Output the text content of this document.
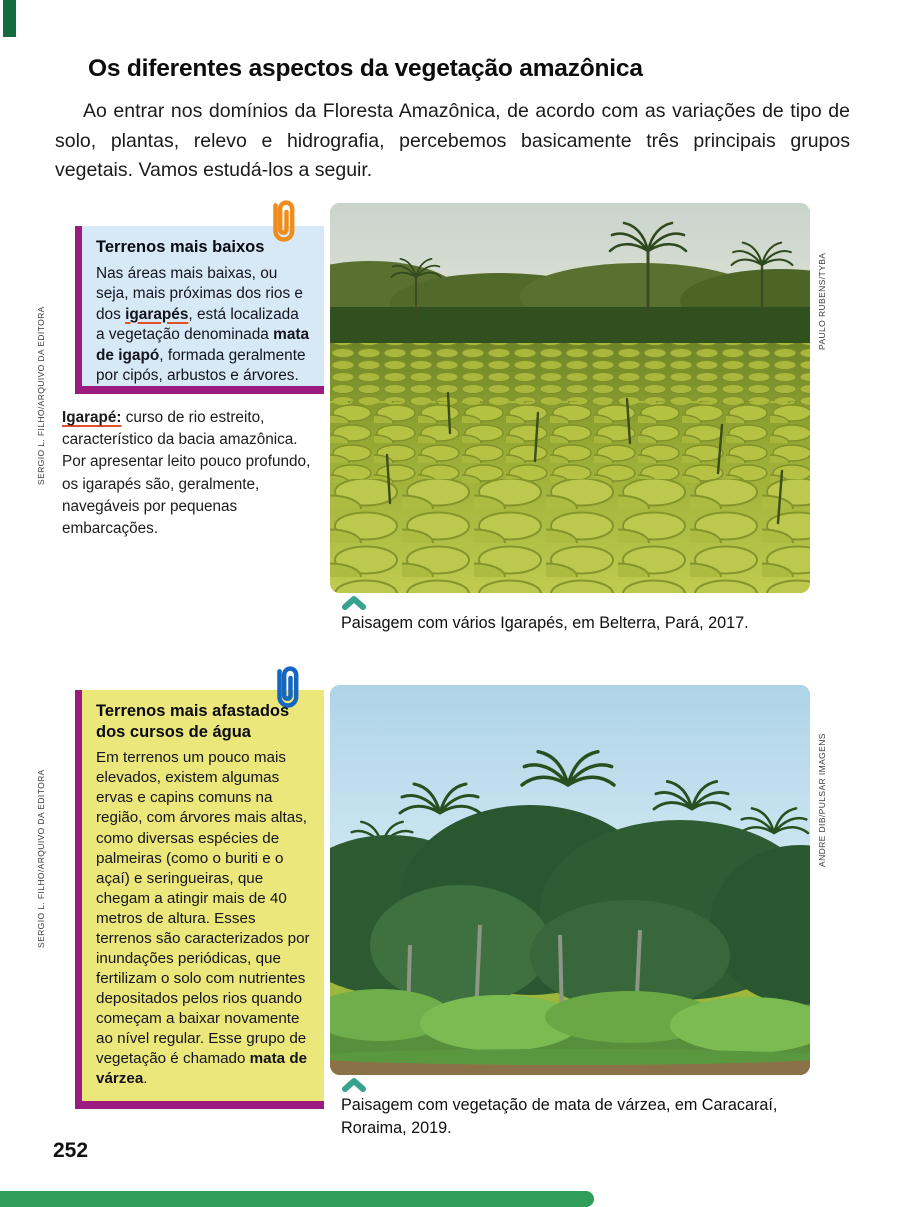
Os diferentes aspectos da vegetação amazônica

Ao entrar nos domínios da Floresta Amazônica, de acordo com as variações de tipo de solo, plantas, relevo e hidrografia, percebemos basicamente três principais grupos vegetais. Vamos estudá-los a seguir.

SERGIO L. FILHO/ARQUIVO DA EDITORA
Terrenos mais baixos
Nas áreas mais baixas, ou seja, mais próximas dos rios e dos igarapés, está localizada a vegetação denominada mata de igapó, formada geralmente por cipós, arbustos e árvores.

Igarapé: curso de rio estreito, característico da bacia amazônica. Por apresentar leito pouco profundo, os igarapés são, geralmente, navegáveis por pequenas embarcações.

PAULO RUBENS/TYBA

Paisagem com vários Igarapés, em Belterra, Pará, 2017.

SERGIO L. FILHO/ARQUIVO DA EDITORA
Terrenos mais afastados dos cursos de água
Em terrenos um pouco mais elevados, existem algumas ervas e capins comuns na região, com árvores mais altas, como diversas espécies de palmeiras (como o buriti e o açaí) e seringueiras, que chegam a atingir mais de 40 metros de altura. Esses terrenos são caracterizados por inundações periódicas, que fertilizam o solo com nutrientes depositados pelos rios quando começam a baixar novamente ao nível regular. Esse grupo de vegetação é chamado mata de várzea.
ANDRE DIB/PULSAR IMAGENS

Paisagem com vegetação de mata de várzea, em Caracaraí, Roraima, 2019.

252
